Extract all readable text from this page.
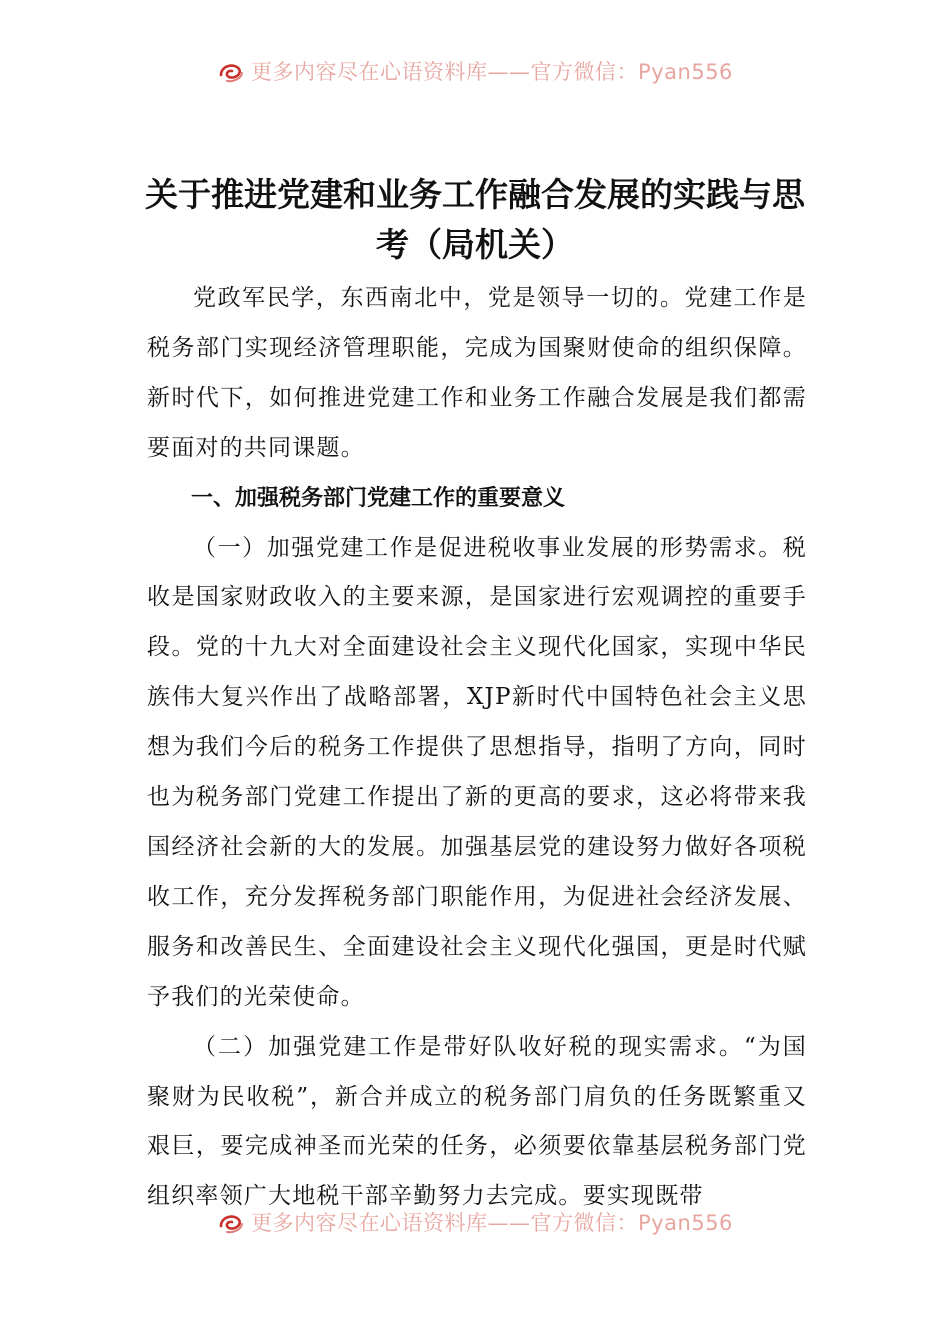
更多内容尽在心语资料库——官方微信：Pyan556
关于推进党建和业务工作融合发展的实践与思考（局机关）

党政军民学，东西南北中，党是领导一切的。党建工作是税务部门实现经济管理职能，完成为国聚财使命的组织保障。新时代下，如何推进党建工作和业务工作融合发展是我们都需要面对的共同课题。

一、加强税务部门党建工作的重要意义

（一）加强党建工作是促进税收事业发展的形势需求。税收是国家财政收入的主要来源，是国家进行宏观调控的重要手段。党的十九大对全面建设社会主义现代化国家，实现中华民族伟大复兴作出了战略部署，XJP新时代中国特色社会主义思想为我们今后的税务工作提供了思想指导，指明了方向，同时也为税务部门党建工作提出了新的更高的要求，这必将带来我国经济社会新的大的发展。加强基层党的建设努力做好各项税收工作，充分发挥税务部门职能作用，为促进社会经济发展、服务和改善民生、全面建设社会主义现代化强国，更是时代赋予我们的光荣使命。

（二）加强党建工作是带好队收好税的现实需求。“为国聚财为民收税”，新合并成立的税务部门肩负的任务既繁重又艰巨，要完成神圣而光荣的任务，必须要依靠基层税务部门党组织率领广大地税干部辛勤努力去完成。要实现既带

更多内容尽在心语资料库——官方微信：Pyan556
